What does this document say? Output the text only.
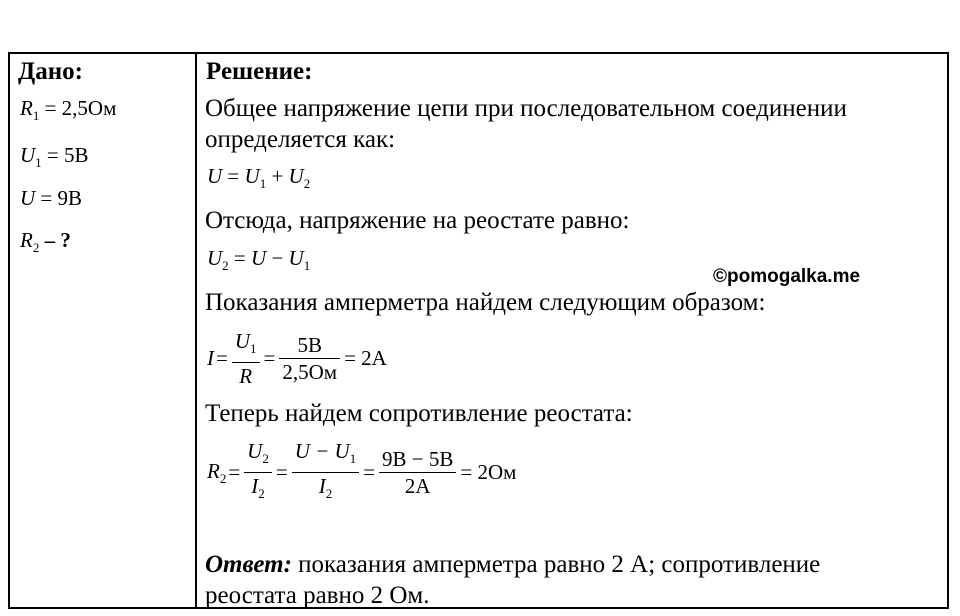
Дано:
$R_1 = 2,5Ом$
$U_1 = 5В$
U = 9В
$R_2$ – ?
Решение:
Общее напряжение цепи при последовательном соединении
определяется как:
$U = U_1 + U_2$
Отсюда, напряжение на реостате равно:
$U_2 = U - U_1$
©pomogalka.me
Показания амперметра найдем следующим образом:
$I = \frac{U_1}{R} = \frac{5В}{2,5Ом} = 2А$
Теперь найдем сопротивление реостата:
$R_2 = \frac{U_2}{I_2} = \frac{U - U_1}{I_2} = \frac{9В - 5В}{2А} = 2Ом$
Ответ: показания амперметра равно 2 А; сопротивление
реостата равно 2 Ом.
